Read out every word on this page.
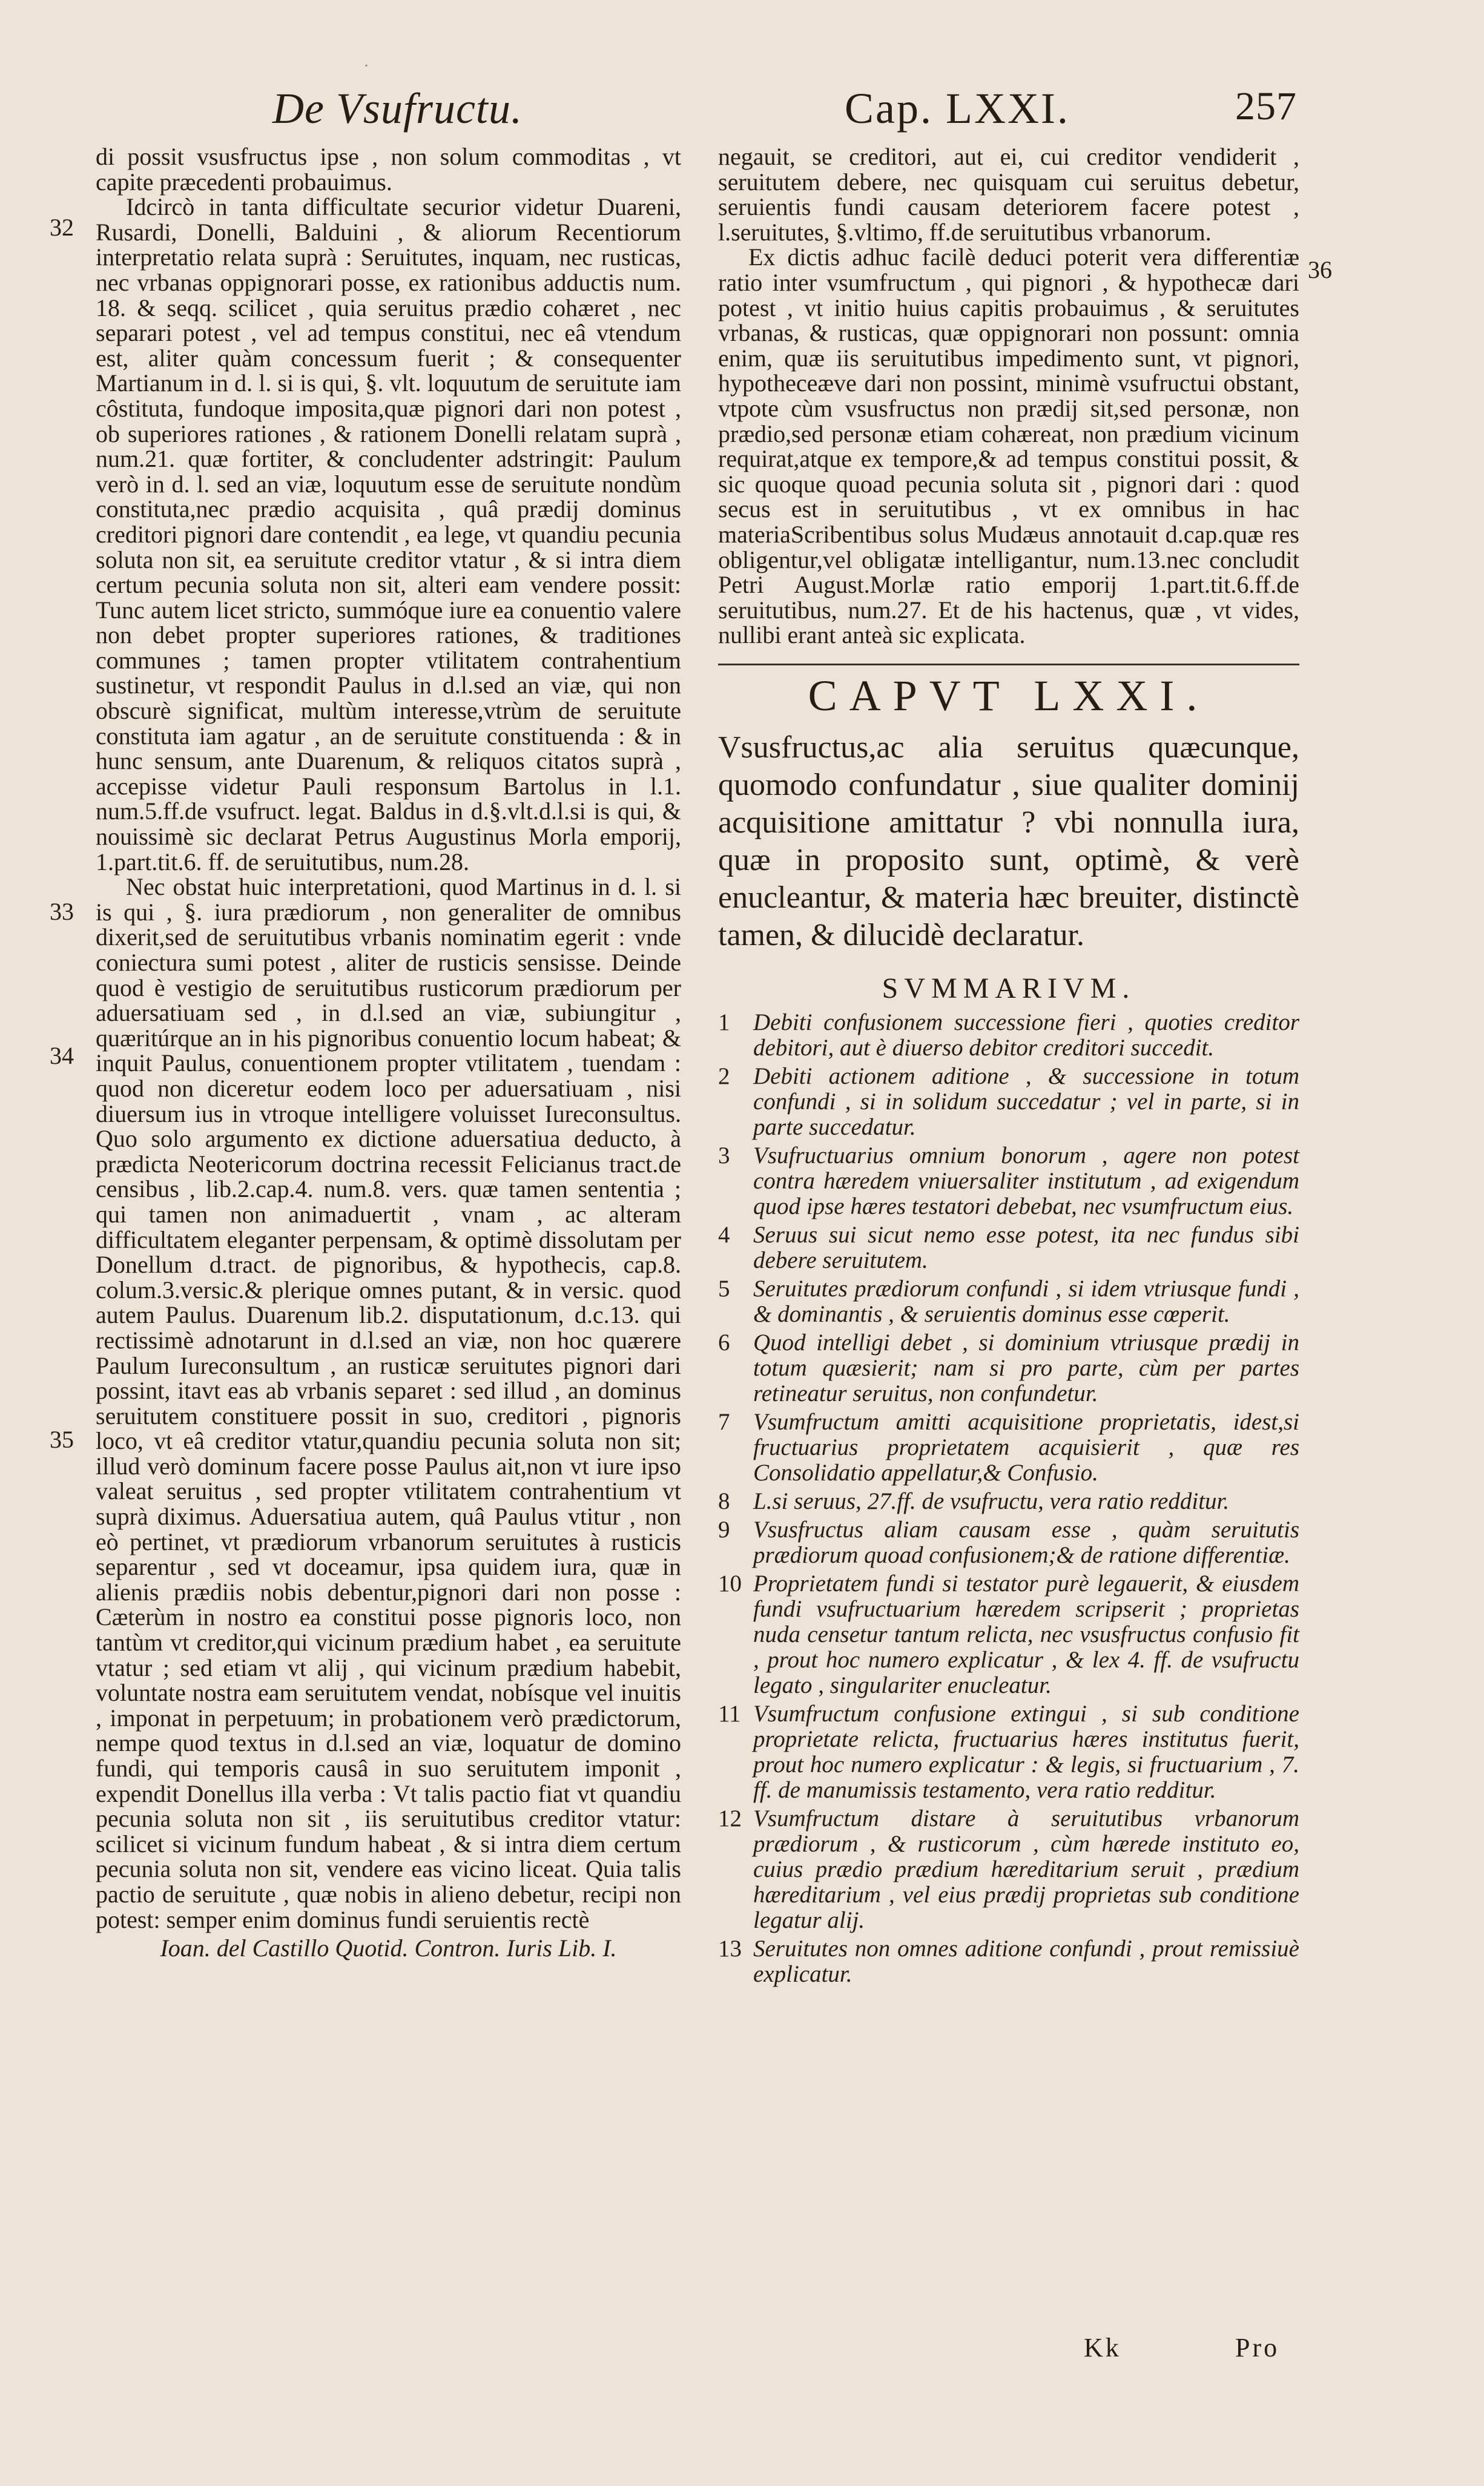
·
De Vsufructu.	Cap. LXXI.	257
32
33
34
35
36

di possit vsusfructus ipse , non solum commoditas , vt capite præcedenti probauimus.

Idcircò in tanta difficultate securior videtur Duareni, Rusardi, Donelli, Balduini , & aliorum Recentiorum interpretatio relata suprà : Seruitutes, inquam, nec rusticas, nec vrbanas oppignorari posse, ex rationibus adductis num. 18. & seqq. scilicet , quia seruitus prædio cohæret , nec separari potest , vel ad tempus constitui, nec eâ vtendum est, aliter quàm concessum fuerit ; & consequenter Martianum in d. l. si is qui, §. vlt. loquutum de seruitute iam côstituta, fundoque imposita,quæ pignori dari non potest , ob superiores rationes , & rationem Donelli relatam suprà , num.21. quæ fortiter, & concludenter adstringit: Paulum verò in d. l. sed an viæ, loquutum esse de seruitute nondùm constituta,nec prædio acquisita , quâ prædij dominus creditori pignori dare contendit , ea lege, vt quandiu pecunia soluta non sit, ea seruitute creditor vtatur , & si intra diem certum pecunia soluta non sit, alteri eam vendere possit: Tunc autem licet stricto, summóque iure ea conuentio valere non debet propter superiores rationes, & traditiones communes ; tamen propter vtilitatem contrahentium sustinetur, vt respondit Paulus in d.l.sed an viæ, qui non obscurè significat, multùm interesse,vtrùm de seruitute constituta iam agatur , an de seruitute constituenda : & in hunc sensum, ante Duarenum, & reliquos citatos suprà , accepisse videtur Pauli responsum Bartolus in l.1. num.5.ff.de vsufruct. legat. Baldus in d.§.vlt.d.l.si is qui, & nouissimè sic declarat Petrus Augustinus Morla emporij, 1.part.tit.6. ff. de seruitutibus, num.28.

Nec obstat huic interpretationi, quod Martinus in d. l. si is qui , §. iura prædiorum , non generaliter de omnibus dixerit,sed de seruitutibus vrbanis nominatim egerit : vnde coniectura sumi potest , aliter de rusticis sensisse. Deinde quod è vestigio de seruitutibus rusticorum prædiorum per aduersatiuam sed , in d.l.sed an viæ, subiungitur , quæritúrque an in his pignoribus conuentio locum habeat; & inquit Paulus, conuentionem propter vtilitatem , tuendam : quod non diceretur eodem loco per aduersatiuam , nisi diuersum ius in vtroque intelligere voluisset Iureconsultus. Quo solo argumento ex dictione aduersatiua deducto, à prædicta Neotericorum doctrina recessit Felicianus tract.de censibus , lib.2.cap.4. num.8. vers. quæ tamen sententia ; qui tamen non animaduertit , vnam , ac alteram difficultatem eleganter perpensam, & optimè dissolutam per Donellum d.tract. de pignoribus, & hypothecis, cap.8. colum.3.versic.& plerique omnes putant, & in versic. quod autem Paulus. Duarenum lib.2. disputationum, d.c.13. qui rectissimè adnotarunt in d.l.sed an viæ, non hoc quærere Paulum Iureconsultum , an rusticæ seruitutes pignori dari possint, itavt eas ab vrbanis separet : sed illud , an dominus seruitutem constituere possit in suo, creditori , pignoris loco, vt eâ creditor vtatur,quandiu pecunia soluta non sit; illud verò dominum facere posse Paulus ait,non vt iure ipso valeat seruitus , sed propter vtilitatem contrahentium vt suprà diximus. Aduersatiua autem, quâ Paulus vtitur , non eò pertinet, vt prædiorum vrbanorum seruitutes à rusticis separentur , sed vt doceamur, ipsa quidem iura, quæ in alienis prædiis nobis debentur,pignori dari non posse : Cæterùm in nostro ea constitui posse pignoris loco, non tantùm vt creditor,qui vicinum prædium habet , ea seruitute vtatur ; sed etiam vt alij , qui vicinum prædium habebit, voluntate nostra eam seruitutem vendat, nobísque vel inuitis , imponat in perpetuum; in probationem verò prædictorum, nempe quod textus in d.l.sed an viæ, loquatur de domino fundi, qui temporis causâ in suo seruitutem imponit , expendit Donellus illa verba : Vt talis pactio fiat vt quandiu pecunia soluta non sit , iis seruitutibus creditor vtatur: scilicet si vicinum fundum habeat , & si intra diem certum pecunia soluta non sit, vendere eas vicino liceat. Quia talis pactio de seruitute , quæ nobis in alieno debetur, recipi non potest: semper enim dominus fundi seruientis rectè

Ioan. del Castillo Quotid. Contron. Iuris Lib. I.

negauit, se creditori, aut ei, cui creditor vendiderit , seruitutem debere, nec quisquam cui seruitus debetur, seruientis fundi causam deteriorem facere potest , l.seruitutes, §.vltimo, ff.de seruitutibus vrbanorum.

Ex dictis adhuc facilè deduci poterit vera differentiæ ratio inter vsumfructum , qui pignori , & hypothecæ dari potest , vt initio huius capitis probauimus , & seruitutes vrbanas, & rusticas, quæ oppignorari non possunt: omnia enim, quæ iis seruitutibus impedimento sunt, vt pignori, hypotheceæve dari non possint, minimè vsufructui obstant, vtpote cùm vsusfructus non prædij sit,sed personæ, non prædio,sed personæ etiam cohæreat, non prædium vicinum requirat,atque ex tempore,& ad tempus constitui possit, & sic quoque quoad pecunia soluta sit , pignori dari : quod secus est in seruitutibus , vt ex omnibus in hac materiaScribentibus solus Mudæus annotauit d.cap.quæ res obligentur,vel obligatæ intelligantur, num.13.nec concludit Petri August.Morlæ ratio emporij 1.part.tit.6.ff.de seruitutibus, num.27. Et de his hactenus, quæ , vt vides, nullibi erant anteà sic explicata.

CAPVT LXXI.
Vsusfructus,ac alia seruitus quæcunque, quomodo confundatur , siue qualiter dominij acquisitione amittatur ? vbi nonnulla iura, quæ in proposito sunt, optimè, & verè enucleantur, & materia hæc breuiter, distinctè tamen, & dilucidè declaratur.
SVMMARIVM.
1 Debiti confusionem successione fieri , quoties creditor debitori, aut è diuerso debitor creditori succedit.
2 Debiti actionem aditione , & successione in totum confundi , si in solidum succedatur ; vel in parte, si in parte succedatur.
3 Vsufructuarius omnium bonorum , agere non potest contra hæredem vniuersaliter institutum , ad exigendum quod ipse hæres testatori debebat, nec vsumfructum eius.
4 Seruus sui sicut nemo esse potest, ita nec fundus sibi debere seruitutem.
5 Seruitutes prædiorum confundi , si idem vtriusque fundi , & dominantis , & seruientis dominus esse cœperit.
6 Quod intelligi debet , si dominium vtriusque prædij in totum quæsierit; nam si pro parte, cùm per partes retineatur seruitus, non confundetur.
7 Vsumfructum amitti acquisitione proprietatis, idest,si fructuarius proprietatem acquisierit , quæ res Consolidatio appellatur,& Confusio.
8 L.si seruus, 27.ff. de vsufructu, vera ratio redditur.
9 Vsusfructus aliam causam esse , quàm seruitutis prædiorum quoad confusionem;& de ratione differentiæ.
10 Proprietatem fundi si testator purè legauerit, & eiusdem fundi vsufructuarium hæredem scripserit ; proprietas nuda censetur tantum relicta, nec vsusfructus confusio fit , prout hoc numero explicatur , & lex 4. ff. de vsufructu legato , singulariter enucleatur.
11 Vsumfructum confusione extingui , si sub conditione proprietate relicta, fructuarius hæres institutus fuerit, prout hoc numero explicatur : & legis, si fructuarium , 7. ff. de manumissis testamento, vera ratio redditur.
12 Vsumfructum distare à seruitutibus vrbanorum prædiorum , & rusticorum , cùm hærede instituto eo, cuius prædio prædium hæreditarium seruit , prædium hæreditarium , vel eius prædij proprietas sub conditione legatur alij.
13 Seruitutes non omnes aditione confundi , prout remissiuè explicatur.
Kk	Pro
